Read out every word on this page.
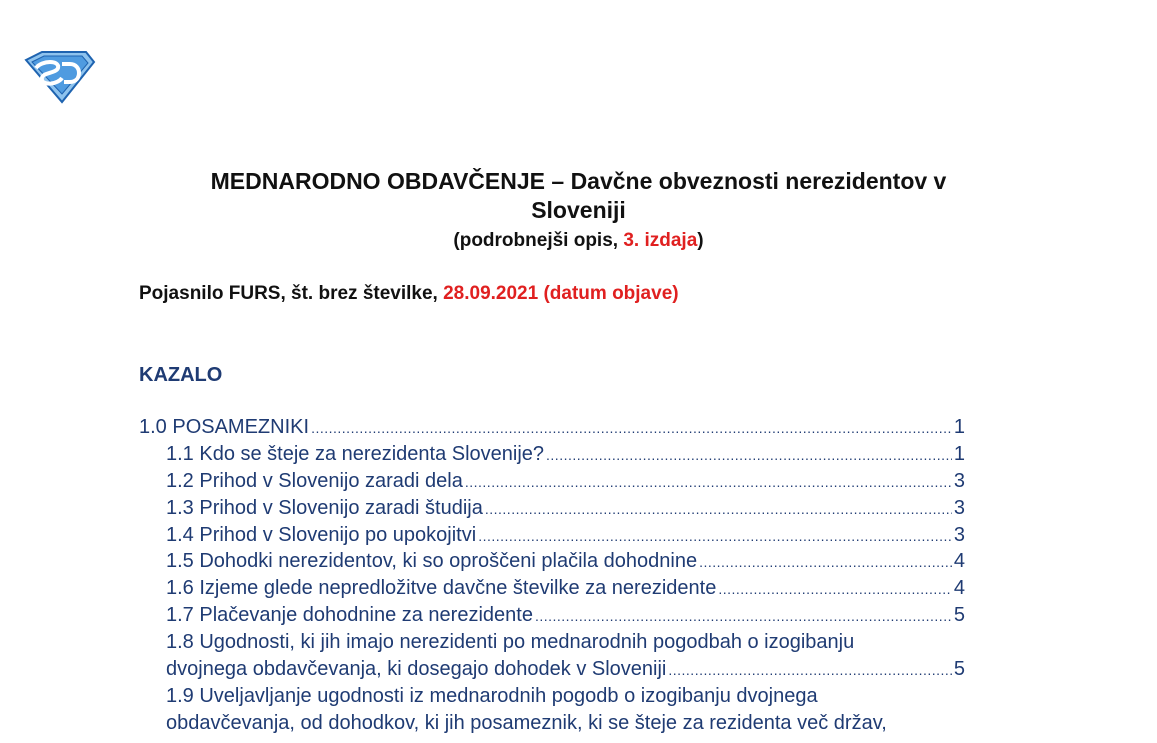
MEDNARODNO OBDAVČENJE – Davčne obveznosti nerezidentov v
Sloveniji
(podrobnejši opis, 3. izdaja)
Pojasnilo FURS, št. brez številke, 28.09.2021 (datum objave)
KAZALO
1.0 POSAMEZNIKI .....	1
1.1 Kdo se šteje za nerezidenta Slovenije? .....	1
1.2 Prihod v Slovenijo zaradi dela .....	3
1.3 Prihod v Slovenijo zaradi študija .....	3
1.4 Prihod v Slovenijo po upokojitvi .....	3
1.5 Dohodki nerezidentov, ki so oproščeni plačila dohodnine .....	4
1.6 Izjeme glede nepredložitve davčne številke za nerezidente .....	4
1.7 Plačevanje dohodnine za nerezidente .....	5
1.8 Ugodnosti, ki jih imajo nerezidenti po mednarodnih pogodbah o izogibanju
dvojnega obdavčevanja, ki dosegajo dohodek v Sloveniji .....	5
1.9 Uveljavljanje ugodnosti iz mednarodnih pogodb o izogibanju dvojnega
obdavčevanja, od dohodkov, ki jih posameznik, ki se šteje za rezidenta več držav,
